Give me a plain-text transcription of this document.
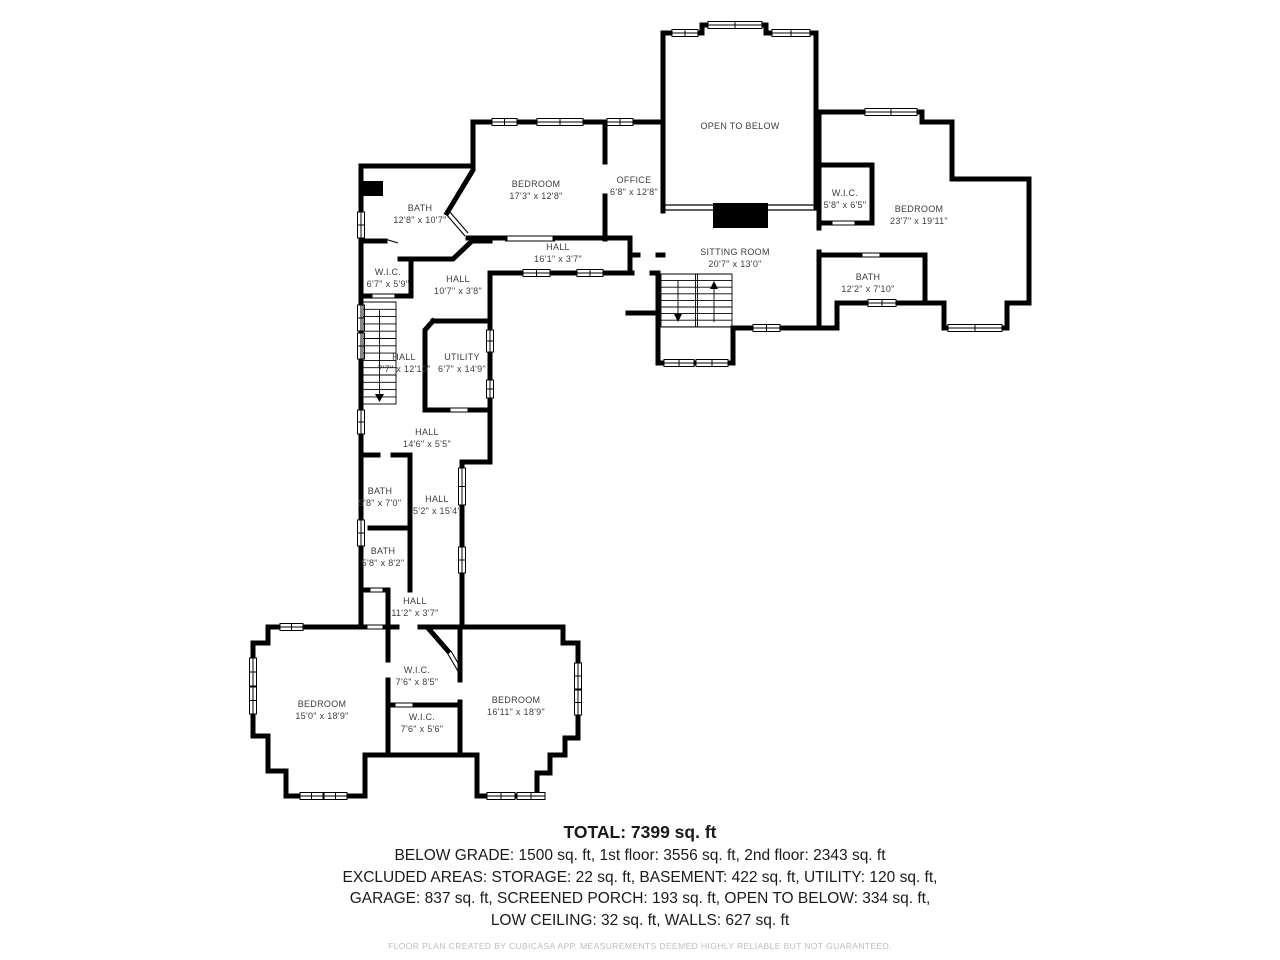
OPEN TO BELOW
BEDROOM
17'3" x 12'8"
OFFICE
6'8" x 12'8"	W.I.C.
5'8" x 6'5"	BEDROOM
23'7" x 19'11"
BATH
12'2" x 7'10"
SITTING ROOM
20'7" x 13'0"
HALL
16'1" x 3'7"
BATH
12'8" x 10'7"
W.I.C.
6'7" x 5'9"	HALL
10'7" x 3'8"
HALL
7'7" x 12'10"
UTILITY
6'7" x 14'9"
HALL
14'6" x 5'5"
BATH
5'8" x 7'0"	HALL
5'2" x 15'4"
BATH
5'8" x 8'2"
HALL
11'2" x 3'7"
BEDROOM
15'0" x 18'9"
W.I.C.
7'6" x 8'5"
W.I.C.
7'6" x 5'6"
BEDROOM
16'11" x 18'9"
TOTAL: 7399 sq. ft
BELOW GRADE: 1500 sq. ft, 1st floor: 3556 sq. ft, 2nd floor: 2343 sq. ft
EXCLUDED AREAS: STORAGE: 22 sq. ft, BASEMENT: 422 sq. ft, UTILITY: 120 sq. ft,
GARAGE: 837 sq. ft, SCREENED PORCH: 193 sq. ft, OPEN TO BELOW: 334 sq. ft,
LOW CEILING: 32 sq. ft, WALLS: 627 sq. ft
FLOOR PLAN CREATED BY CUBICASA APP. MEASUREMENTS DEEMED HIGHLY RELIABLE BUT NOT GUARANTEED.
